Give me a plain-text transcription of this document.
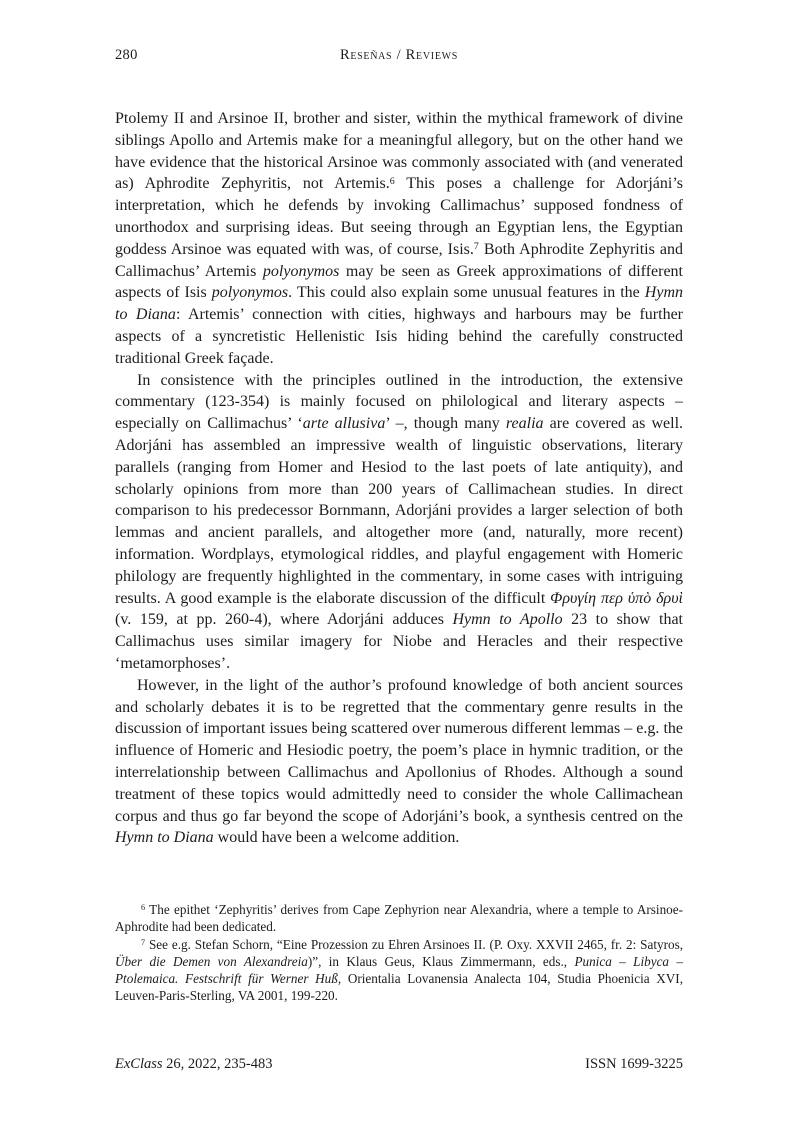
280	Reseñas / Reviews

Ptolemy II and Arsinoe II, brother and sister, within the mythical framework of divine siblings Apollo and Artemis make for a meaningful allegory, but on the other hand we have evidence that the historical Arsinoe was commonly associated with (and venerated as) Aphrodite Zephyritis, not Artemis.$^6$ This poses a challenge for Adorjáni’s interpretation, which he defends by invoking Callimachus’ supposed fondness of unorthodox and surprising ideas. But seeing through an Egyptian lens, the Egyptian goddess Arsinoe was equated with was, of course, Isis.$^7$ Both Aphrodite Zephyritis and Callimachus’ Artemis polyonymos may be seen as Greek approximations of different aspects of Isis polyonymos. This could also explain some unusual features in the Hymn to Diana: Artemis’ connection with cities, highways and harbours may be further aspects of a syncretistic Hellenistic Isis hiding behind the carefully constructed traditional Greek façade.

In consistence with the principles outlined in the introduction, the extensive commentary (123-354) is mainly focused on philological and literary aspects – especially on Callimachus’ ‘arte allusiva’ –, though many realia are covered as well. Adorjáni has assembled an impressive wealth of linguistic observations, literary parallels (ranging from Homer and Hesiod to the last poets of late antiquity), and scholarly opinions from more than 200 years of Callimachean studies. In direct comparison to his predecessor Bornmann, Adorjáni provides a larger selection of both lemmas and ancient parallels, and altogether more (and, naturally, more recent) information. Wordplays, etymological riddles, and playful engagement with Homeric philology are frequently highlighted in the commentary, in some cases with intriguing results. A good example is the elaborate discussion of the difficult Φρυγίη περ ὑπὸ δρυὶ (v. 159, at pp. 260-4), where Adorjáni adduces Hymn to Apollo 23 to show that Callimachus uses similar imagery for Niobe and Heracles and their respective ‘metamorphoses’.

However, in the light of the author’s profound knowledge of both ancient sources and scholarly debates it is to be regretted that the commentary genre results in the discussion of important issues being scattered over numerous different lemmas – e.g. the influence of Homeric and Hesiodic poetry, the poem’s place in hymnic tradition, or the interrelationship between Callimachus and Apollonius of Rhodes. Although a sound treatment of these topics would admittedly need to consider the whole Callimachean corpus and thus go far beyond the scope of Adorjáni’s book, a synthesis centred on the Hymn to Diana would have been a welcome addition.

$^6$ The epithet ‘Zephyritis’ derives from Cape Zephyrion near Alexandria, where a temple to Arsinoe-Aphrodite had been dedicated.

$^7$ See e.g. Stefan Schorn, “Eine Prozession zu Ehren Arsinoes II. (P. Oxy. XXVII 2465, fr. 2: Satyros, Über die Demen von Alexandreia)”, in Klaus Geus, Klaus Zimmermann, eds., Punica – Libyca – Ptolemaica. Festschrift für Werner Huß, Orientalia Lovanensia Analecta 104, Studia Phoenicia XVI, Leuven-Paris-Sterling, VA 2001, 199-220.

ExClass 26, 2022, 235-483	ISSN 1699-3225
